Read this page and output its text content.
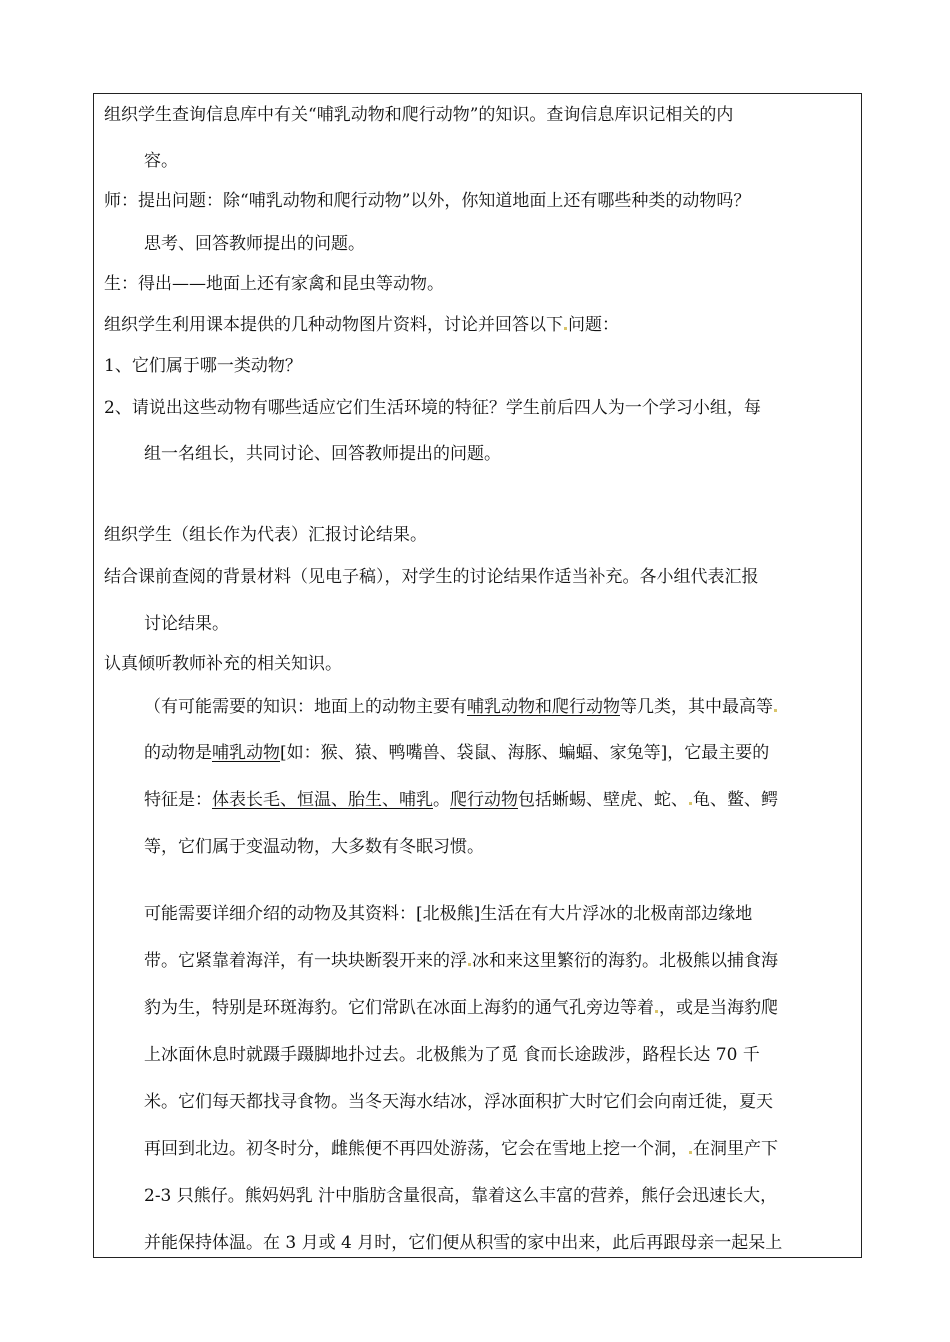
组织学生查询信息库中有关“哺乳动物和爬行动物”的知识。查询信息库识记相关的内
容。
师：提出问题：除“哺乳动物和爬行动物”以外，你知道地面上还有哪些种类的动物吗？
思考、回答教师提出的问题。
生：得出——地面上还有家禽和昆虫等动物。
组织学生利用课本提供的几种动物图片资料，讨论并回答以下 问题：
1、它们属于哪一类动物？
2、请说出这些动物有哪些适应它们生活环境的特征？学生前后四人为一个学习小组，每
组一名组长，共同讨论、回答教师提出的问题。
组织学生（组长作为代表）汇报讨论结果。
结合课前查阅的背景材料（见电子稿），对学生的讨论结果作适当补充。各小组代表汇报
讨论结果。
认真倾听教师补充的相关知识。
（有可能需要的知识：地面上的动物主要有哺乳动物和爬行动物等几类，其中最高等
的动物是哺乳动物[如：猴、猿、鸭嘴兽、袋鼠、海豚、蝙蝠、家兔等]，它最主要的
特征是：体表长毛、恒温、胎生、哺乳。爬行动物包括蜥蜴、壁虎、蛇、 龟、鳖、鳄
等，它们属于变温动物，大多数有冬眠习惯。
可能需要详细介绍的动物及其资料：[北极熊]生活在有大片浮冰的北极南部边缘地
带。它紧靠着海洋，有一块块断裂开来的浮 冰和来这里繁衍的海豹。北极熊以捕食海
豹为生，特别是环斑海豹。它们常趴在冰面上海豹的通气孔旁边等着 ，或是当海豹爬
上冰面休息时就蹑手蹑脚地扑过去。北极熊为了觅 食而长途跋涉，路程长达 70 千
米。它们每天都找寻食物。当冬天海水结冰，浮冰面积扩大时它们会向南迁徙，夏天
再回到北边。初冬时分，雌熊便不再四处游荡，它会在雪地上挖一个洞， 在洞里产下
2-3 只熊仔。熊妈妈乳 汁中脂肪含量很高，靠着这么丰富的营养，熊仔会迅速长大，
并能保持体温。在 3 月或 4 月时，它们便从积雪的家中出来，此后再跟母亲一起呆上
